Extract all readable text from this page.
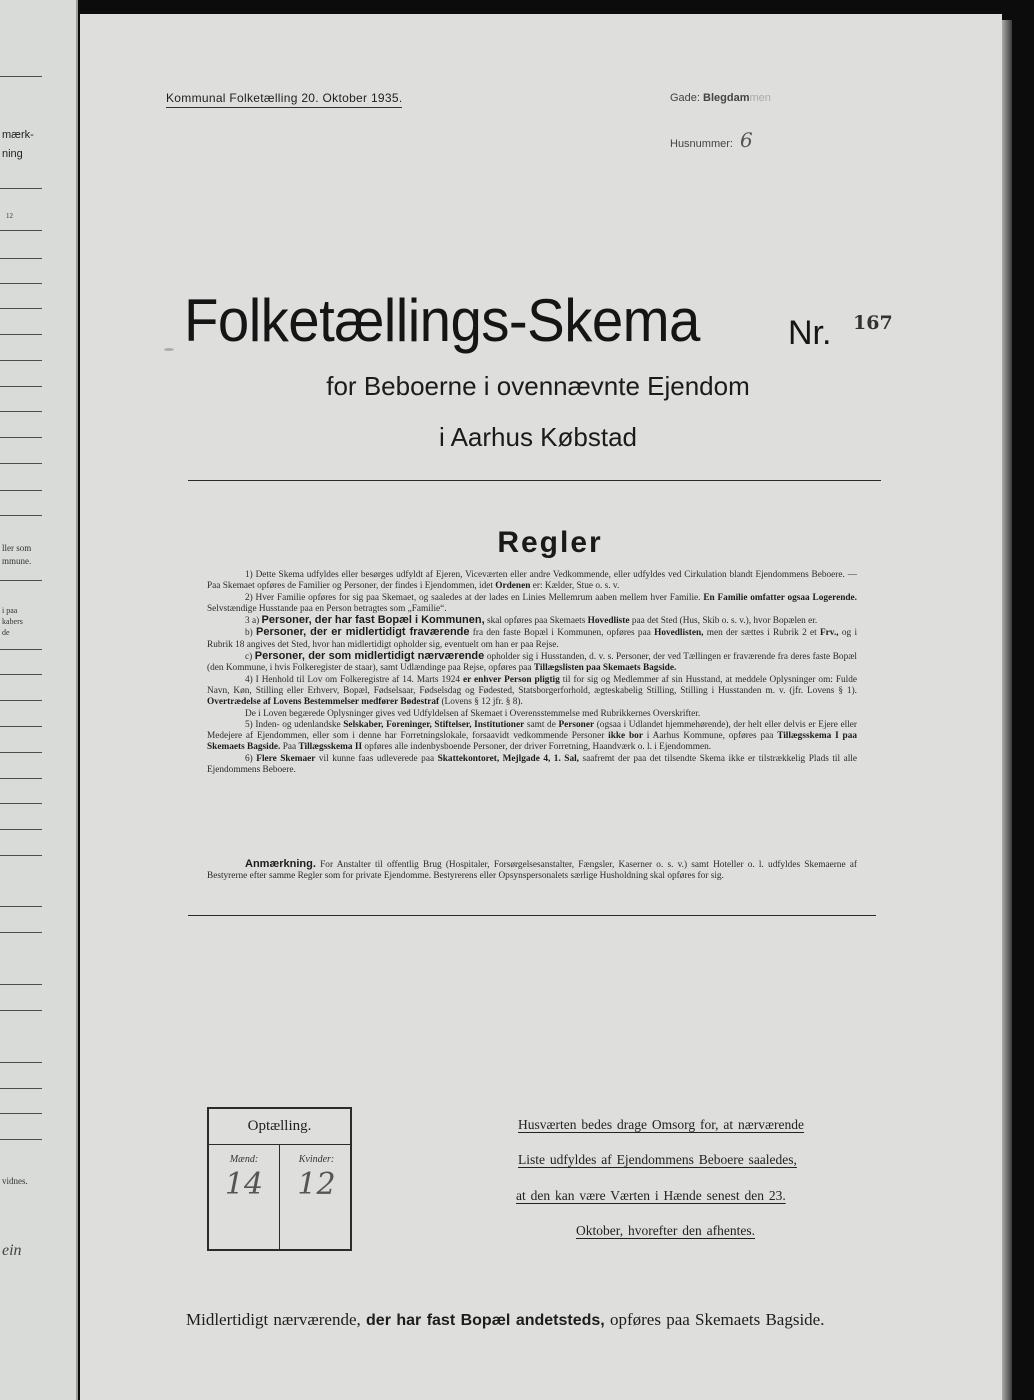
mærk-
ning
12
ller som
mmune.
i paa
kabers
de
vidnes.
ein
Kommunal Folketælling 20. Oktober 1935.	Gade: Blegdammen
Husnummer: 6
Folketællings-Skema	Nr. 167
for Beboerne i ovennævnte Ejendom
i Aarhus Købstad
Regler

1) Dette Skema udfyldes eller besørges udfyldt af Ejeren, Viceværten eller andre Vedkommende, eller udfyldes ved Cirkulation blandt Ejendommens Beboere. — Paa Skemaet opføres de Familier og Personer, der findes i Ejendommen, idet Ordenen er: Kælder, Stue o. s. v.

2) Hver Familie opføres for sig paa Skemaet, og saaledes at der lades en Linies Mellemrum aaben mellem hver Familie. En Familie omfatter ogsaa Logerende. Selvstændige Husstande paa en Person betragtes som „Familie“.

3 a) Personer, der har fast Bopæl i Kommunen, skal opføres paa Skemaets Hovedliste paa det Sted (Hus, Skib o. s. v.), hvor Bopælen er.

b) Personer, der er midlertidigt fraværende fra den faste Bopæl i Kommunen, opføres paa Hovedlisten, men der sættes i Rubrik 2 et Frv., og i Rubrik 18 angives det Sted, hvor han midlertidigt opholder sig, eventuelt om han er paa Rejse.

c) Personer, der som midlertidigt nærværende opholder sig i Husstanden, d. v. s. Personer, der ved Tællingen er fraværende fra deres faste Bopæl (den Kommune, i hvis Folkeregister de staar), samt Udlændinge paa Rejse, opføres paa Tillægslisten paa Skemaets Bagside.

4) I Henhold til Lov om Folkeregistre af 14. Marts 1924 er enhver Person pligtig til for sig og Medlemmer af sin Husstand, at meddele Oplysninger om: Fulde Navn, Køn, Stilling eller Erhverv, Bopæl, Fødselsaar, Fødselsdag og Fødested, Statsborgerforhold, ægteskabelig Stilling, Stilling i Husstanden m. v. (jfr. Lovens § 1). Overtrædelse af Lovens Bestemmelser medfører Bødestraf (Lovens § 12 jfr. § 8).

De i Loven begærede Oplysninger gives ved Udfyldelsen af Skemaet i Overensstemmelse med Rubrikkernes Overskrifter.

5) Inden- og udenlandske Selskaber, Foreninger, Stiftelser, Institutioner samt de Personer (ogsaa i Udlandet hjemmehørende), der helt eller delvis er Ejere eller Medejere af Ejendommen, eller som i denne har Forretningslokale, forsaavidt vedkommende Personer ikke bor i Aarhus Kommune, opføres paa Tillægsskema I paa Skemaets Bagside. Paa Tillægsskema II opføres alle indenbysboende Personer, der driver Forretning, Haandværk o. l. i Ejendommen.

6) Flere Skemaer vil kunne faas udleverede paa Skattekontoret, Mejlgade 4, 1. Sal, saafremt der paa det tilsendte Skema ikke er tilstrækkelig Plads til alle Ejendommens Beboere.

Anmærkning. For Anstalter til offentlig Brug (Hospitaler, Forsørgelsesanstalter, Fængsler, Kaserner o. s. v.) samt Hoteller o. l. udfyldes Skemaerne af Bestyrerne efter samme Regler som for private Ejendomme. Bestyrerens eller Opsynspersonalets særlige Husholdning skal opføres for sig.

Optælling.
Mænd:
14
Kvinder:
12
Husværten bedes drage Omsorg for, at nærværende
Liste udfyldes af Ejendommens Beboere saaledes,
at den kan være Værten i Hænde senest den 23.
Oktober, hvorefter den afhentes.
Midlertidigt nærværende, der har fast Bopæl andetsteds, opføres paa Skemaets Bagside.
